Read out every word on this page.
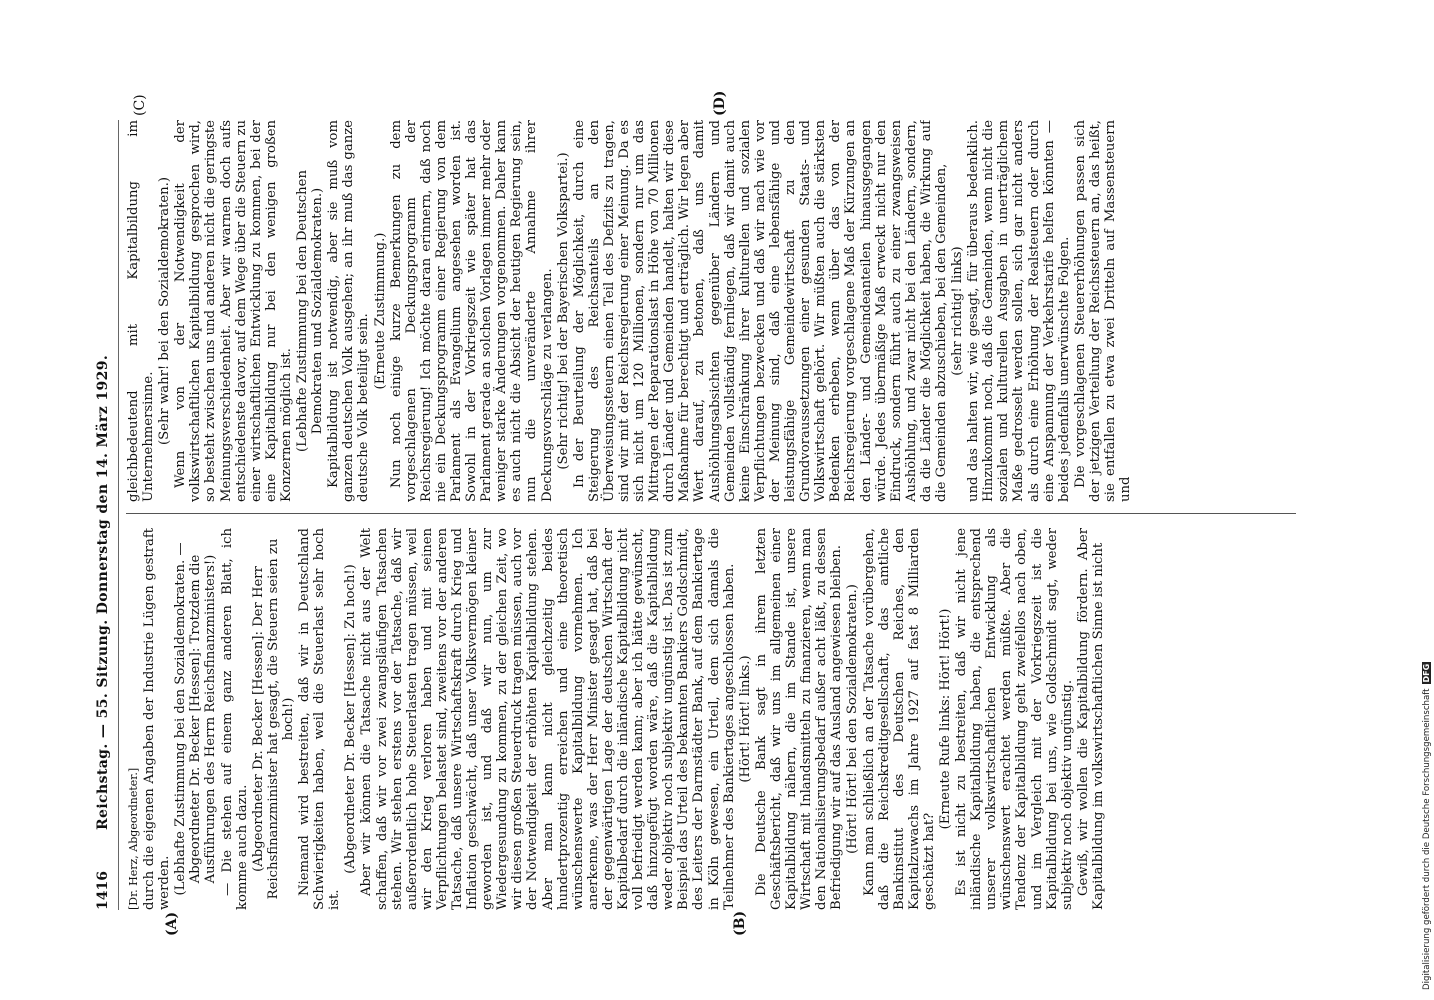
1416
Reichstag. — 55. Sitzung. Donnerstag den 14. März 1929.
(A)	(B)
(D)
(C)

[Dr. Herz, Abgeordneter.] durch die eigenen Angaben der Industrie Lügen gestraft werden. (Lebhafte Zustimmung bei den Sozialdemokraten. — Abgeordneter Dr. Becker [Hessen]: Trotzdem die Ausführungen des Herrn Reichsfinanzministers!) — Die stehen auf einem ganz anderen Blatt, ich komme auch dazu. (Abgeordneter Dr. Becker [Hessen]: Der Herr Reichsfinanzminister hat gesagt, die Steuern seien zu hoch!) Niemand wird bestreiten, daß wir in Deutschland Schwierigkeiten haben, weil die Steuerlast sehr hoch ist.

(Abgeordneter Dr. Becker [Hessen]: Zu hoch!) Aber wir können die Tatsache nicht aus der Welt schaffen, daß wir vor zwei zwangsläufigen Tatsachen stehen. Wir stehen erstens vor der Tatsache, daß wir außerordentlich hohe Steuerlasten tragen müssen, weil wir den Krieg verloren haben und mit seinen Verpflichtungen belastet sind, zweitens vor der anderen Tatsache, daß unsere Wirtschaftskraft durch Krieg und Inflation geschwächt, daß unser Volksvermögen kleiner geworden ist, und daß wir nun, um zur Wiedergesundung zu kommen, zu der gleichen Zeit, wo wir diesen großen Steuerdruck tragen müssen, auch vor der Notwendigkeit der erhöhten Kapitalbildung stehen. Aber man kann nicht gleichzeitig beides hundertprozentig erreichen und eine theoretisch wünschenswerte Kapitalbildung vornehmen. Ich anerkenne, was der Herr Minister gesagt hat, daß bei der gegenwärtigen Lage der deutschen Wirtschaft der Kapitalbedarf durch die inländische Kapitalbildung nicht voll befriedigt werden kann; aber ich hätte gewünscht, daß hinzugefügt worden wäre, daß die Kapitalbildung weder objektiv noch subjektiv ungünstig ist. Das ist zum Beispiel das Urteil des bekannten Bankiers Goldschmidt, des Leiters der Darmstädter Bank, auf dem Bankiertage in Köln gewesen, ein Urteil, dem sich damals die Teilnehmer des Bankiertages angeschlossen haben. (Hört! Hört! links.) Die Deutsche Bank sagt in ihrem letzten Geschäftsbericht, daß wir uns im allgemeinen einer Kapitalbildung nähern, die im Stande ist, unsere Wirtschaft mit Inlandsmitteln zu finanzieren, wenn man den Nationalisierungsbedarf außer acht läßt, zu dessen Befriedigung wir auf das Ausland angewiesen bleiben. (Hört! Hört! bei den Sozialdemokraten.) Kann man schließlich an der Tatsache vorübergehen, daß die Reichskreditgesellschaft, das amtliche Bankinstitut des Deutschen Reiches, den Kapitalzuwachs im Jahre 1927 auf fast 8 Milliarden geschätzt hat?

(Erneute Rufe links: Hört! Hört!) Es ist nicht zu bestreiten, daß wir nicht jene inländische Kapitalbildung haben, die entsprechend unserer volkswirtschaftlichen Entwicklung als wünschenswert erachtet werden müßte. Aber die Tendenz der Kapitalbildung geht zweifellos nach oben, und im Vergleich mit der Vorkriegszeit ist die Kapitalbildung bei uns, wie Goldschmidt sagt, weder subjektiv noch objektiv ungünstig. Gewiß, wir wollen die Kapitalbildung fördern. Aber Kapitalbildung im volkswirtschaftlichen Sinne ist nicht

gleichbedeutend mit Kapitalbildung im Unternehmersinne. (Sehr wahr! bei den Sozialdemokraten.) Wenn von der Notwendigkeit der volkswirtschaftlichen Kapitalbildung gesprochen wird, so besteht zwischen uns und anderen nicht die geringste Meinungsverschiedenheit. Aber wir warnen doch aufs entschiedenste davor, auf dem Wege über die Steuern zu einer wirtschaftlichen Entwicklung zu kommen, bei der eine Kapitalbildung nur bei den wenigen großen Konzernen möglich ist. (Lebhafte Zustimmung bei den Deutschen Demokraten und Sozialdemokraten.) Kapitalbildung ist notwendig, aber sie muß vom ganzen deutschen Volk ausgehen; an ihr muß das ganze deutsche Volk beteiligt sein.

(Erneute Zustimmung.) Nun noch einige kurze Bemerkungen zu dem vorgeschlagenen Deckungsprogramm der Reichsregierung! Ich möchte daran erinnern, daß noch nie ein Deckungsprogramm einer Regierung von dem Parlament als Evangelium angesehen worden ist. Sowohl in der Vorkriegszeit wie später hat das Parlament gerade an solchen Vorlagen immer mehr oder weniger starke Änderungen vorgenommen. Daher kann es auch nicht die Absicht der heutigen Regierung sein, nun die unveränderte Annahme ihrer Deckungsvorschläge zu verlangen. (Sehr richtig! bei der Bayerischen Volkspartei.) In der Beurteilung der Möglichkeit, durch eine Steigerung des Reichsanteils an den Überweisungssteuern einen Teil des Defizits zu tragen, sind wir mit der Reichsregierung einer Meinung. Da es sich nicht um 120 Millionen, sondern nur um das Mittragen der Reparationslast in Höhe von 70 Millionen durch Länder und Gemeinden handelt, halten wir diese Maßnahme für berechtigt und erträglich. Wir legen aber Wert darauf, zu betonen, daß uns damit Aushöhlungsabsichten gegenüber Ländern und Gemeinden vollständig fernliegen, daß wir damit auch keine Einschränkung ihrer kulturellen und sozialen Verpflichtungen bezwecken und daß wir nach wie vor der Meinung sind, daß eine lebensfähige und leistungsfähige Gemeindewirtschaft zu den Grundvoraussetzungen einer gesunden Staats- und Volkswirtschaft gehört. Wir müßten auch die stärksten Bedenken erheben, wenn über das von der Reichsregierung vorgeschlagene Maß der Kürzungen an den Länder- und Gemeindeanteilen hinausgegangen würde. Jedes übermäßige Maß erweckt nicht nur den Eindruck, sondern führt auch zu einer zwangsweisen Aushöhlung, und zwar nicht bei den Ländern, sondern, da die Länder die Möglichkeit haben, die Wirkung auf die Gemeinden abzuschieben, bei den Gemeinden, (sehr richtig! links) und das halten wir, wie gesagt, für überaus bedenklich. Hinzukommt noch, daß die Gemeinden, wenn nicht die sozialen und kulturellen Ausgaben in unerträglichem Maße gedrosselt werden sollen, sich gar nicht anders als durch eine Erhöhung der Realsteuern oder durch eine Anspannung der Verkehrstarife helfen könnten — beides jedenfalls unerwünschte Folgen. Die vorgeschlagenen Steuererhöhungen passen sich der jetzigen Verteilung der Reichssteuern an, das heißt, sie entfallen zu etwa zwei Dritteln auf Massensteuern und

Digitalisierung gefördert durch die Deutsche ForschungsgemeinschaftDFG
